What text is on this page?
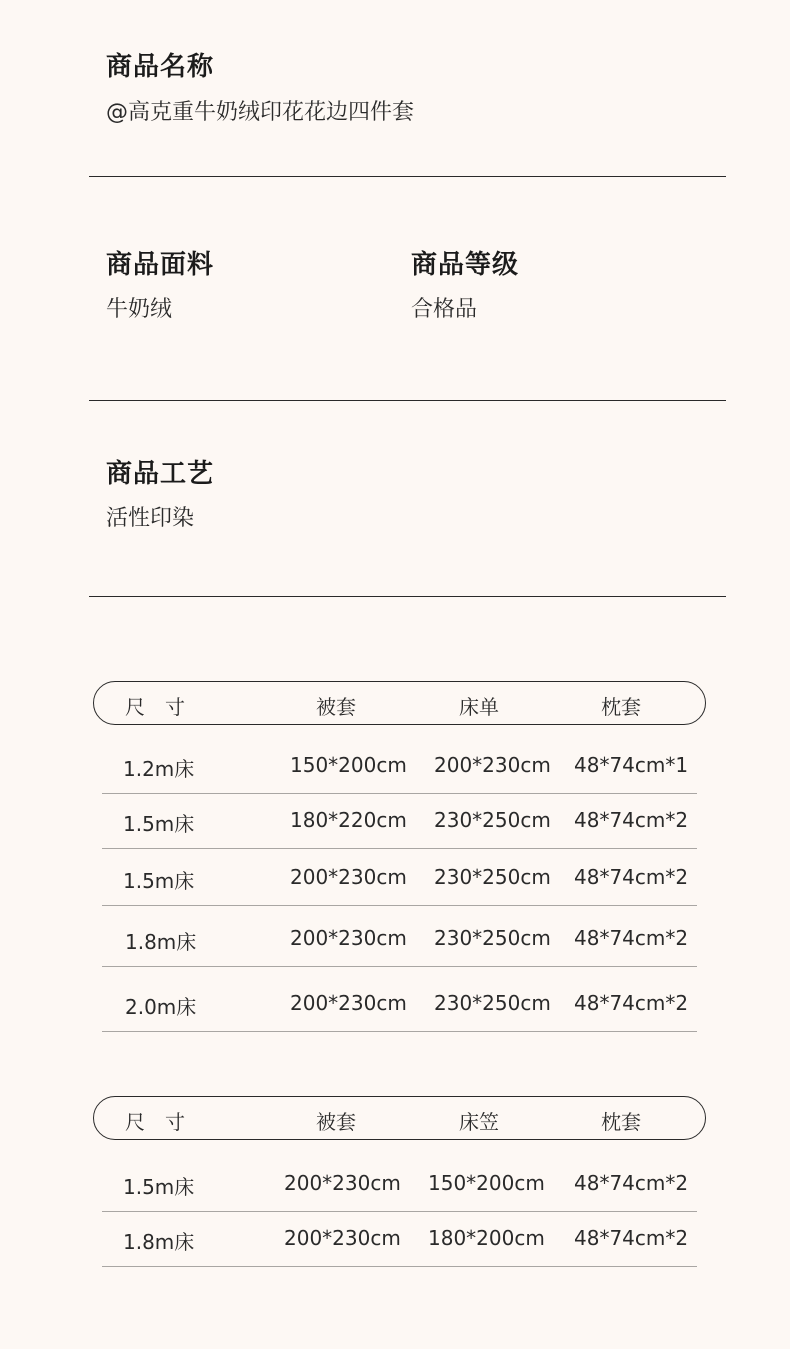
商品名称
@高克重牛奶绒印花花边四件套
商品面料
牛奶绒
商品等级
合格品
商品工艺
活性印染
尺　寸	被套	床单	枕套
1.2m床	150*200cm 200*230cm 48*74cm*1
1.5m床	180*220cm 230*250cm 48*74cm*2
1.5m床	200*230cm 230*250cm 48*74cm*2
1.8m床	200*230cm 230*250cm 48*74cm*2
2.0m床	200*230cm 230*250cm 48*74cm*2
尺　寸	被套	床笠	枕套
1.5m床	200*230cm 150*200cm 48*74cm*2
1.8m床	200*230cm 180*200cm 48*74cm*2
